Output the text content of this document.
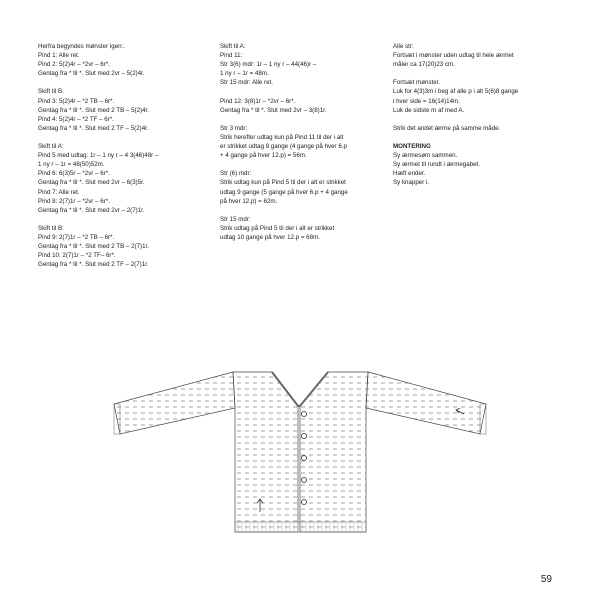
Herfra begyndes mønster igen:.
Pind 1: Alle ret.
Pind 2: 5(2)4r – *2vr – 6r*.
Gentag fra * til *. Slut med 2vr – 5(2)4r.
Skift til B.
Pind 3: 5(2)4r – *2 TB – 6r*.
Gentag fra * til *. Slut med 2 TB – 5(2)4r.
Pind 4: 5(2)4r – *2 TF – 6r*.
Gentag fra * til *. Slut med 2 TF – 5(2)4r.
Skift til A:
Pind 5 med udtag: 1r – 1 ny r – 4 3(46)48r –
1 ny r – 1r = 48(50)52m.
Pind 6: 6(3)5r – *2vr – 6r*.
Gentag fra * til *. Slut med 2vr – 6(3)5r.
Pind 7: Alle ret.
Pind 8: 2(7)1r – *2vr – 6r*.
Gentag fra * til *. Slut med 2vr – 2(7)1r.
Skift til B:
Pind 9: 2(7)1r – *2 TB – 6r*.
Gentag fra * til *. Slut med 2 TB – 2(7)1r.
Pind 10: 2(7)1r – *2 TF– 6r*.
Gentag fra * til *. Slut med 2 TF – 2(7)1r.
Skift til A:
Pind 11:
Str 3(6) mdr: 1r – 1 ny r – 44(46)r –
1 ny r – 1r = 48m.
Str 15 mdr: Alle ret.
Pind 12: 3(8)1r – *2vr – 6r*.
Gentag fra * til *. Slut med 2vr – 3(8)1r.
Str 3 mdr:
Strik herefter udtag kun på Pind 11 til der i alt
er strikket udtag 8 gange (4 gange på hver 6.p
+ 4 gange på hver 12.p) = 56m.
Str (6) mdr:
Strik udtag kun på Pind 5 til der i alt er strikket
udtag 9 gange (5 gange på hver 6.p + 4 gange
på hver 12.p) = 62m.
Str 15 mdr:
Strik udtag på Pind 5 til der i alt er strikket
udtag 10 gange på hver 12.p = 68m.
Alle str:
Fortsæt i mønster uden udtag til hele ærmet
måler ca 17(20)23 cm.
Fortsæt mønster.
Luk for 4(3)3m i beg af alle p i alt 5(6)8 gange
i hver side = 16(14)14m.
Luk de sidste m af med A.
Strik det andet ærme på samme måde.
MONTERING
Sy ærmesøm sammen.
Sy ærmet til rundt i ærmegabet.
Hæft ender.
Sy knapper i.
59
